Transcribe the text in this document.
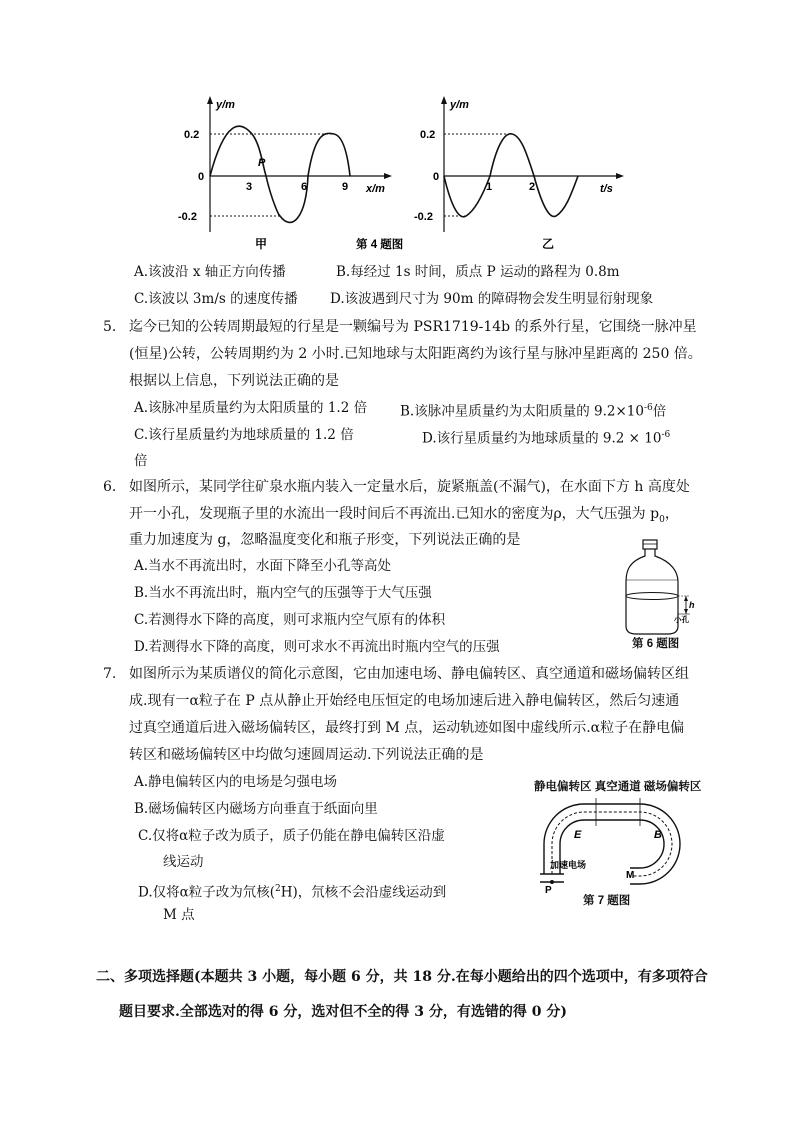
y/m
x/m
0.2
-0.2
0
3	6	9
P
甲	第 4 题图
y/m
t/s
0.2
-0.2
0
1	2
乙
A.该波沿 x 轴正方向传播	B.每经过 1s 时间，质点 P 运动的路程为 0.8m
C.该波以 3m/s 的速度传播 D.该波遇到尺寸为 90m 的障碍物会发生明显衍射现象
5. 迄今已知的公转周期最短的行星是一颗编号为 PSR1719-14b 的系外行星，它围绕一脉冲星
(恒星)公转，公转周期约为 2 小时.已知地球与太阳距离约为该行星与脉冲星距离的 250 倍。
根据以上信息，下列说法正确的是
A.该脉冲星质量约为太阳质量的 1.2 倍 B.该脉冲星质量约为太阳质量的 $9.2\times 10^{-6}$倍
C.该行星质量约为地球质量的 1.2 倍	D.该行星质量约为地球质量的 $9.2 \times 10^{-6}$
倍
6. 如图所示，某同学往矿泉水瓶内装入一定量水后，旋紧瓶盖(不漏气)，在水面下方 h 高度处
开一小孔，发现瓶子里的水流出一段时间后不再流出.已知水的密度为ρ，大气压强为 $p_0$，
重力加速度为 g，忽略温度变化和瓶子形变，下列说法正确的是
A.当水不再流出时，水面下降至小孔等高处
B.当水不再流出时，瓶内空气的压强等于大气压强
C.若测得水下降的高度，则可求瓶内空气原有的体积
D.若测得水下降的高度，则可求水不再流出时瓶内空气的压强
h
小孔
第 6 题图
7. 如图所示为某质谱仪的简化示意图，它由加速电场、静电偏转区、真空通道和磁场偏转区组
成.现有一α粒子在 P 点从静止开始经电压恒定的电场加速后进入静电偏转区，然后匀速通
过真空通道后进入磁场偏转区，最终打到 M 点，运动轨迹如图中虚线所示.α粒子在静电偏
转区和磁场偏转区中均做匀速圆周运动.下列说法正确的是
A.静电偏转区内的电场是匀强电场
B.磁场偏转区内磁场方向垂直于纸面向里
C.仅将α粒子改为质子，质子仍能在静电偏转区沿虚
线运动
D.仅将α粒子改为氘核($^2$H)，氘核不会沿虚线运动到
M 点
静电偏转区 真空通道 磁场偏转区
E	B
M
加速电场
P
第 7 题图
二、多项选择题(本题共 3 小题，每小题 6 分，共 18 分.在每小题给出的四个选项中，有多项符合
题目要求.全部选对的得 6 分，选对但不全的得 3 分，有选错的得 0 分)
